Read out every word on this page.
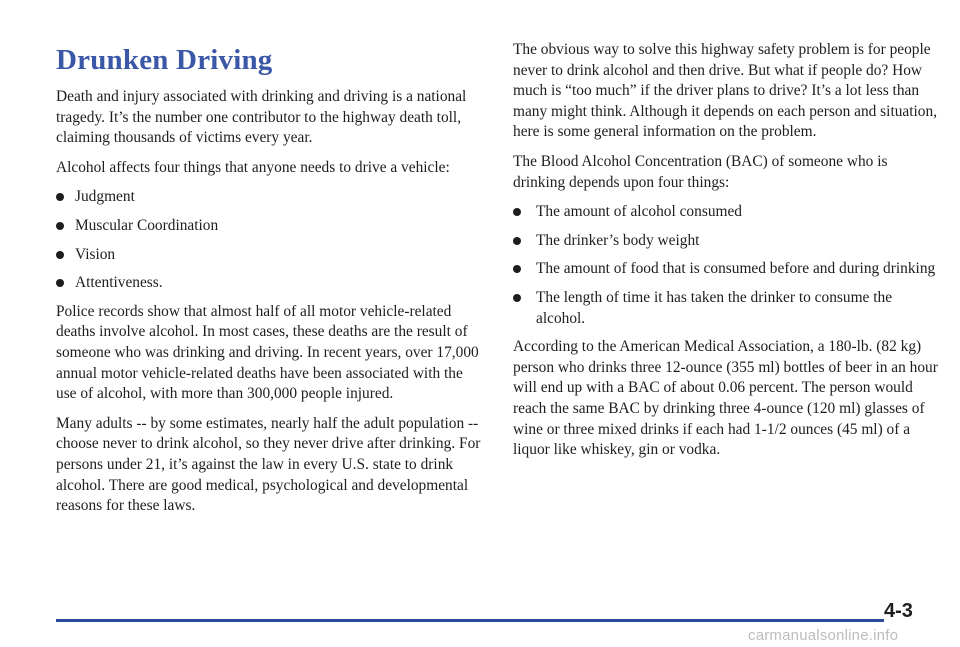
Drunken Driving

Death and injury associated with drinking and driving is a national tragedy. It’s the number one contributor to the highway death toll, claiming thousands of victims every year.

Alcohol affects four things that anyone needs to drive a vehicle:

Judgment
Muscular Coordination
Vision
Attentiveness.

Police records show that almost half of all motor vehicle-related deaths involve alcohol. In most cases, these deaths are the result of someone who was drinking and driving. In recent years, over 17,000 annual motor vehicle-related deaths have been associated with the use of alcohol, with more than 300,000 people injured.

Many adults -- by some estimates, nearly half the adult population -- choose never to drink alcohol, so they never drive after drinking. For persons under 21, it’s against the law in every U.S. state to drink alcohol. There are good medical, psychological and developmental reasons for these laws.

The obvious way to solve this highway safety problem is for people never to drink alcohol and then drive. But what if people do? How much is “too much” if the driver plans to drive? It’s a lot less than many might think. Although it depends on each person and situation, here is some general information on the problem.

The Blood Alcohol Concentration (BAC) of someone who is drinking depends upon four things:

The amount of alcohol consumed
The drinker’s body weight
The amount of food that is consumed before and during drinking
The length of time it has taken the drinker to consume the alcohol.

According to the American Medical Association, a 180-lb. (82 kg) person who drinks three 12-ounce (355 ml) bottles of beer in an hour will end up with a BAC of about 0.06 percent. The person would reach the same BAC by drinking three 4-ounce (120 ml) glasses of wine or three mixed drinks if each had 1-1/2 ounces (45 ml) of a liquor like whiskey, gin or vodka.

4-3
carmanualsonline.info
